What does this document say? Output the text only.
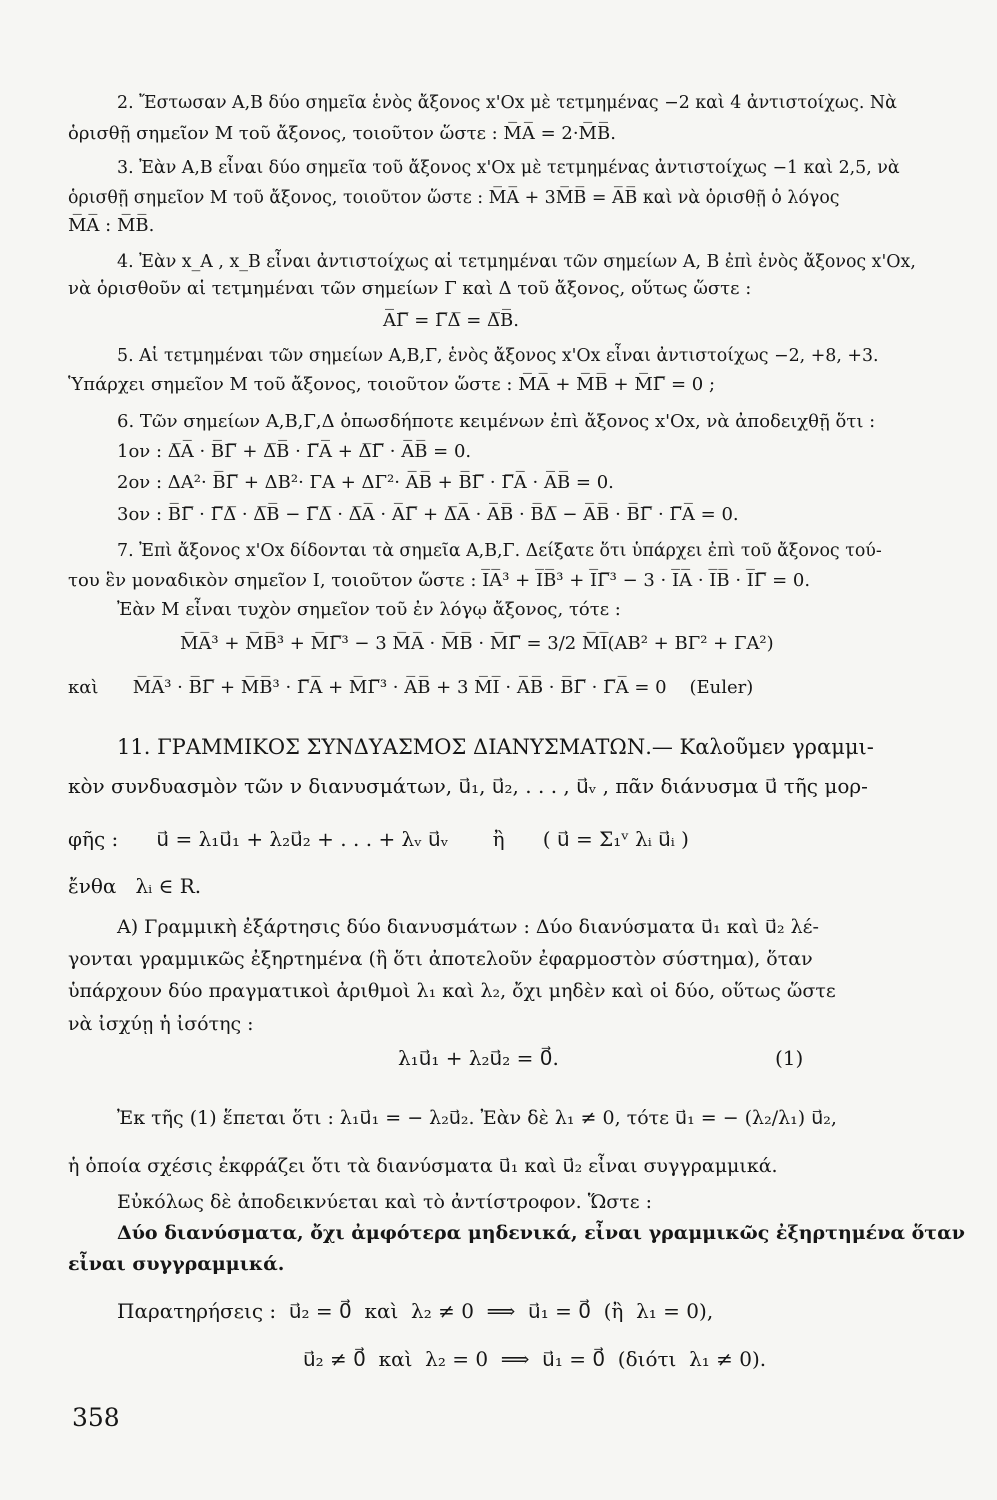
2. Ἔστωσαν Α,Β δύο σημεῖα ἑνὸς ἄξονος x'Ox μὲ τετμημένας −2 καὶ 4 ἀντιστοίχως. Νὰ
ὁρισθῇ σημεῖον Μ τοῦ ἄξονος, τοιοῦτον ὥστε : M̅A̅ = 2·M̅B̅.
3. Ἐὰν Α,Β εἶναι δύο σημεῖα τοῦ ἄξονος x'Ox μὲ τετμημένας ἀντιστοίχως −1 καὶ 2,5, νὰ
ὁρισθῇ σημεῖον Μ τοῦ ἄξονος, τοιοῦτον ὥστε : M̅A̅ + 3M̅B̅ = A̅B̅ καὶ νὰ ὁρισθῇ ὁ λόγος
M̅A̅ : M̅B̅.
4. Ἐὰν x_A , x_B εἶναι ἀντιστοίχως αἱ τετμημέναι τῶν σημείων Α, Β ἐπὶ ἑνὸς ἄξονος x'Ox,
νὰ ὁρισθοῦν αἱ τετμημέναι τῶν σημείων Γ καὶ Δ τοῦ ἄξονος, οὕτως ὥστε :
A̅Γ̅ = Γ̅Δ̅ = Δ̅B̅.
5. Αἱ τετμημέναι τῶν σημείων Α,Β,Γ, ἑνὸς ἄξονος x'Ox εἶναι ἀντιστοίχως −2, +8, +3.
Ὑπάρχει σημεῖον Μ τοῦ ἄξονος, τοιοῦτον ὥστε : M̅A̅ + M̅B̅ + M̅Γ̅ = 0 ;
6. Τῶν σημείων Α,Β,Γ,Δ ὁπωσδήποτε κειμένων ἐπὶ ἄξονος x'Ox, νὰ ἀποδειχθῇ ὅτι :
1ον : Δ̅A̅ · B̅Γ̅ + Δ̅B̅ · Γ̅A̅ + Δ̅Γ̅ · A̅B̅ = 0.
2ον : ΔA²· B̅Γ̅ + ΔB²· ΓA + ΔΓ²· A̅B̅ + B̅Γ̅ · Γ̅A̅ · A̅B̅ = 0.
3ον : B̅Γ̅ · Γ̅Δ̅ · Δ̅B̅ − Γ̅Δ̅ · Δ̅A̅ · A̅Γ̅ + Δ̅A̅ · A̅B̅ · B̅Δ̅ − A̅B̅ · B̅Γ̅ · Γ̅A̅ = 0.
7. Ἐπὶ ἄξονος x'Ox δίδονται τὰ σημεῖα Α,Β,Γ. Δείξατε ὅτι ὑπάρχει ἐπὶ τοῦ ἄξονος τού-
του ἓν μοναδικὸν σημεῖον Ι, τοιοῦτον ὥστε : I̅A̅³ + I̅B̅³ + I̅Γ̅³ − 3 · I̅A̅ · I̅B̅ · I̅Γ̅ = 0.
Ἐὰν Μ εἶναι τυχὸν σημεῖον τοῦ ἐν λόγῳ ἄξονος, τότε :
M̅A̅³ + M̅B̅³ + M̅Γ̅³ − 3 M̅A̅ · M̅B̅ · M̅Γ̅ = 3/2 M̅I̅(AB² + BΓ² + ΓA²)
καὶ      M̅A̅³ · B̅Γ̅ + M̅B̅³ · Γ̅A̅ + M̅Γ̅³ · A̅B̅ + 3 M̅I̅ · A̅B̅ · B̅Γ̅ · Γ̅A̅ = 0    (Euler)
11. ΓΡΑΜΜΙΚΟΣ ΣΥΝΔΥΑΣΜΟΣ ΔΙΑΝΥΣΜΑΤΩΝ.— Καλοῦμεν γραμμι-
κὸν συνδυασμὸν τῶν ν διανυσμάτων, u⃗₁, u⃗₂, . . . , u⃗ᵥ , πᾶν διάνυσμα u⃗ τῆς μορ-
φῆς :      u⃗ = λ₁u⃗₁ + λ₂u⃗₂ + . . . + λᵥ u⃗ᵥ       ἢ      ( u⃗ = Σ₁ᵛ λᵢ u⃗ᵢ )
ἔνθα   λᵢ ∈ R.
Α) Γραμμικὴ ἐξάρτησις δύο διανυσμάτων : Δύο διανύσματα u⃗₁ καὶ u⃗₂ λέ-
γονται γραμμικῶς ἐξηρτημένα (ἢ ὅτι ἀποτελοῦν ἐφαρμοστὸν σύστημα), ὅταν
ὑπάρχουν δύο πραγματικοὶ ἀριθμοὶ λ₁ καὶ λ₂, ὄχι μηδὲν καὶ οἱ δύο, οὕτως ὥστε
νὰ ἰσχύῃ ἡ ἰσότης :
λ₁u⃗₁ + λ₂u⃗₂ = 0⃗.                                  (1)
Ἐκ τῆς (1) ἕπεται ὅτι : λ₁u⃗₁ = − λ₂u⃗₂. Ἐὰν δὲ λ₁ ≠ 0, τότε u⃗₁ = − (λ₂/λ₁) u⃗₂,
ἡ ὁποία σχέσις ἐκφράζει ὅτι τὰ διανύσματα u⃗₁ καὶ u⃗₂ εἶναι συγγραμμικά.
Εὐκόλως δὲ ἀποδεικνύεται καὶ τὸ ἀντίστροφον. Ὥστε :
Δύο διανύσματα, ὄχι ἀμφότερα μηδενικά, εἶναι γραμμικῶς ἐξηρτημένα ὅταν
εἶναι συγγραμμικά.
Παρατηρήσεις :  u⃗₂ = 0⃗  καὶ  λ₂ ≠ 0  ⟹  u⃗₁ = 0⃗  (ἢ  λ₁ = 0),
u⃗₂ ≠ 0⃗  καὶ  λ₂ = 0  ⟹  u⃗₁ = 0⃗  (διότι  λ₁ ≠ 0).
358
